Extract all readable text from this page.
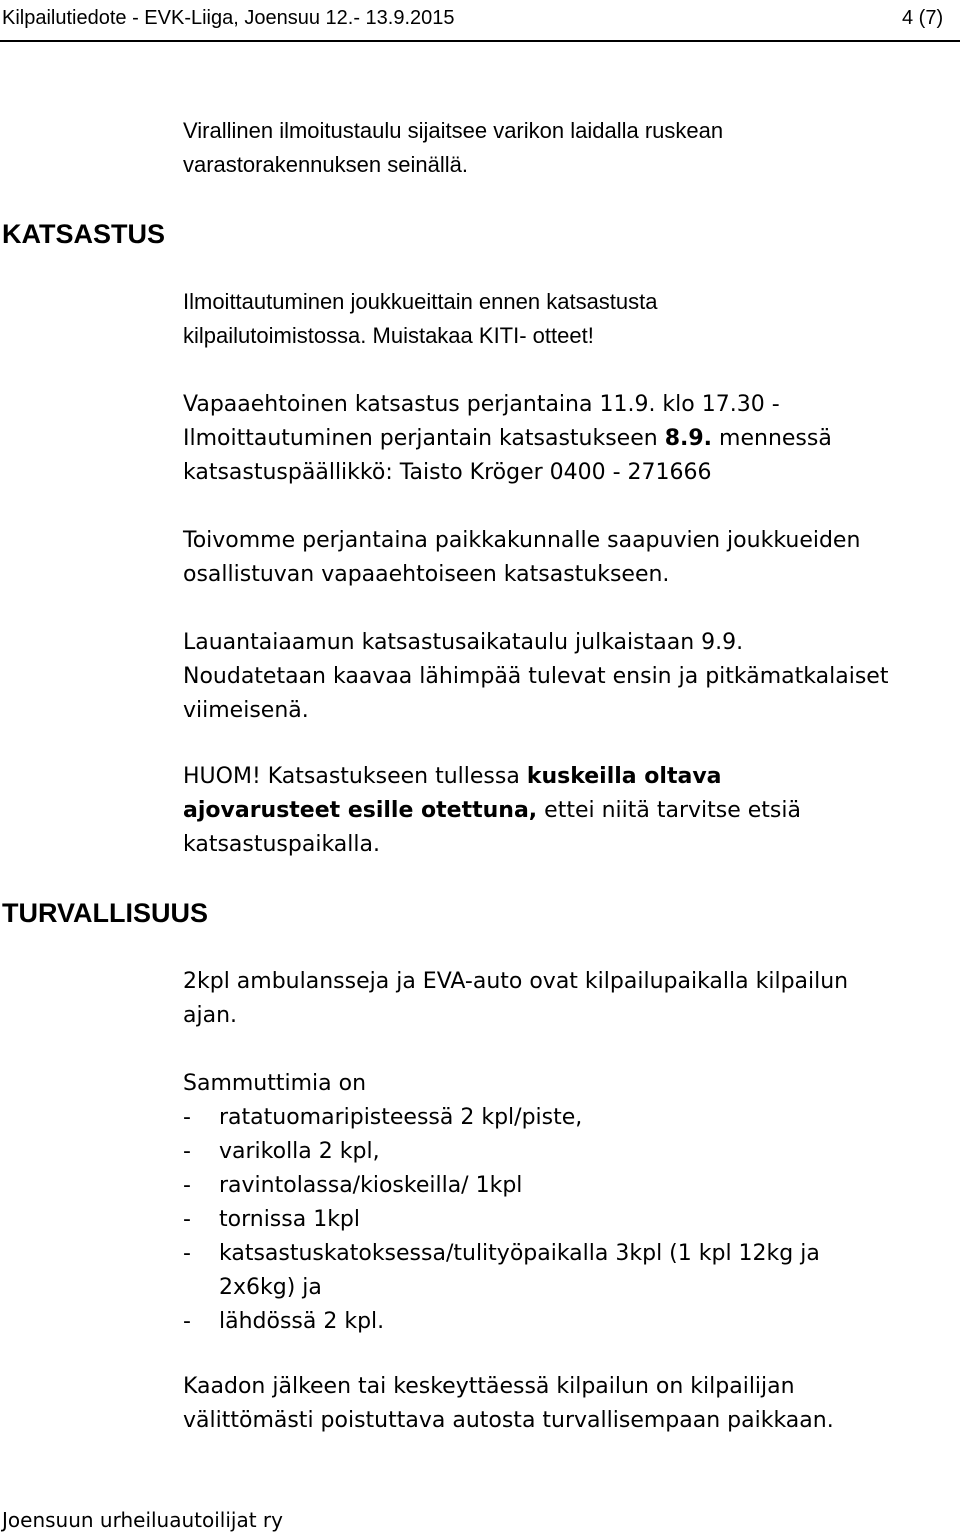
Kilpailutiedote - EVK-Liiga, Joensuu 12.- 13.9.2015	4 (7)
Virallinen ilmoitustaulu sijaitsee varikon laidalla ruskean
varastorakennuksen seinällä.
KATSASTUS
Ilmoittautuminen joukkueittain ennen katsastusta
kilpailutoimistossa. Muistakaa KITI- otteet!
Vapaaehtoinen katsastus perjantaina 11.9. klo 17.30 -
Ilmoittautuminen perjantain katsastukseen 8.9. mennessä
katsastuspäällikkö: Taisto Kröger 0400 - 271666
Toivomme perjantaina paikkakunnalle saapuvien joukkueiden
osallistuvan vapaaehtoiseen katsastukseen.
Lauantaiaamun katsastusaikataulu julkaistaan 9.9.
Noudatetaan kaavaa lähimpää tulevat ensin ja pitkämatkalaiset
viimeisenä.
HUOM! Katsastukseen tullessa kuskeilla oltava
ajovarusteet esille otettuna, ettei niitä tarvitse etsiä
katsastuspaikalla.
TURVALLISUUS
2kpl ambulansseja ja EVA-auto ovat kilpailupaikalla kilpailun
ajan.
Sammuttimia on
-	ratatuomaripisteessä 2 kpl/piste,
-	varikolla 2 kpl,
-	ravintolassa/kioskeilla/ 1kpl
-	tornissa 1kpl
-	katsastuskatoksessa/tulityöpaikalla 3kpl (1 kpl 12kg ja
2x6kg) ja
-	lähdössä 2 kpl.
Kaadon jälkeen tai keskeyttäessä kilpailun on kilpailijan
välittömästi poistuttava autosta turvallisempaan paikkaan.
Joensuun urheiluautoilijat ry
